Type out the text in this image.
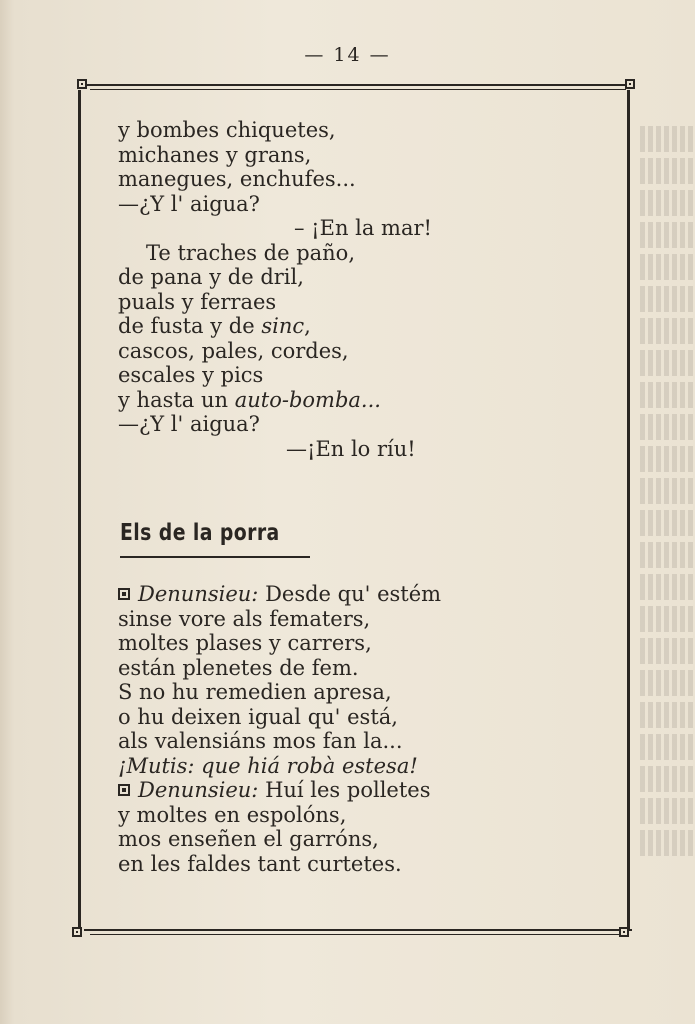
— 14 —
y bombes chiquetes,
michanes y grans,
manegues, enchufes...
—¿Y l' aigua?
– ¡En la mar!
Te traches de paño,
de pana y de dril,
puals y ferraes
de fusta y de sinc,
cascos, pales, cordes,
escales y pics
y hasta un auto-bomba...
—¿Y l' aigua?
—¡En lo ríu!
Els de la porra
Denunsieu: Desde qu' estém
sinse vore als fematers,
moltes plases y carrers,
están plenetes de fem.
S no hu remedien apresa,
o hu deixen igual qu' está,
als valensiáns mos fan la...
¡Mutis: que hiá robà estesa!
Denunsieu: Huí les polletes
y moltes en espolóns,
mos enseñen el garróns,
en les faldes tant curtetes.
